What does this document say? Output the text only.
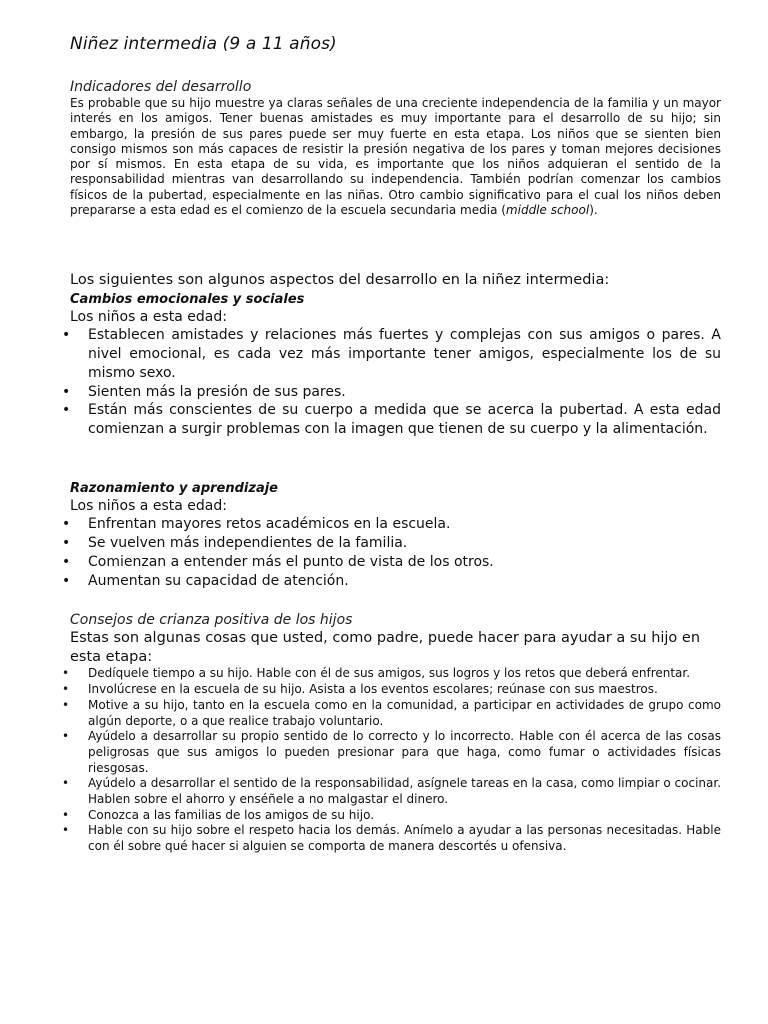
Niñez intermedia (9 a 11 años)

Indicadores del desarrollo

Es probable que su hijo muestre ya claras señales de una creciente independencia de la familia y un mayor interés en los amigos. Tener buenas amistades es muy importante para el desarrollo de su hijo; sin embargo, la presión de sus pares puede ser muy fuerte en esta etapa. Los niños que se sienten bien consigo mismos son más capaces de resistir la presión negativa de los pares y toman mejores decisiones por sí mismos. En esta etapa de su vida, es importante que los niños adquieran el sentido de la responsabilidad mientras van desarrollando su independencia. También podrían comenzar los cambios físicos de la pubertad, especialmente en las niñas. Otro cambio significativo para el cual los niños deben prepararse a esta edad es el comienzo de la escuela secundaria media (middle school).

Los siguientes son algunos aspectos del desarrollo en la niñez intermedia:

Cambios emocionales y sociales

Los niños a esta edad:

• Establecen amistades y relaciones más fuertes y complejas con sus amigos o pares. A nivel emocional, es cada vez más importante tener amigos, especialmente los de su mismo sexo.
• Sienten más la presión de sus pares.
• Están más conscientes de su cuerpo a medida que se acerca la pubertad. A esta edad comienzan a surgir problemas con la imagen que tienen de su cuerpo y la alimentación.

Razonamiento y aprendizaje

Los niños a esta edad:

• Enfrentan mayores retos académicos en la escuela.
• Se vuelven más independientes de la familia.
• Comienzan a entender más el punto de vista de los otros.
• Aumentan su capacidad de atención.

Consejos de crianza positiva de los hijos

Estas son algunas cosas que usted, como padre, puede hacer para ayudar a su hijo en esta etapa:

• Dedíquele tiempo a su hijo. Hable con él de sus amigos, sus logros y los retos que deberá enfrentar.
• Involúcrese en la escuela de su hijo. Asista a los eventos escolares; reúnase con sus maestros.
• Motive a su hijo, tanto en la escuela como en la comunidad, a participar en actividades de grupo como algún deporte, o a que realice trabajo voluntario.
• Ayúdelo a desarrollar su propio sentido de lo correcto y lo incorrecto. Hable con él acerca de las cosas peligrosas que sus amigos lo pueden presionar para que haga, como fumar o actividades físicas riesgosas.
• Ayúdelo a desarrollar el sentido de la responsabilidad, asígnele tareas en la casa, como limpiar o cocinar. Hablen sobre el ahorro y enséñele a no malgastar el dinero.
• Conozca a las familias de los amigos de su hijo.
• Hable con su hijo sobre el respeto hacia los demás. Anímelo a ayudar a las personas necesitadas. Hable con él sobre qué hacer si alguien se comporta de manera descortés u ofensiva.
